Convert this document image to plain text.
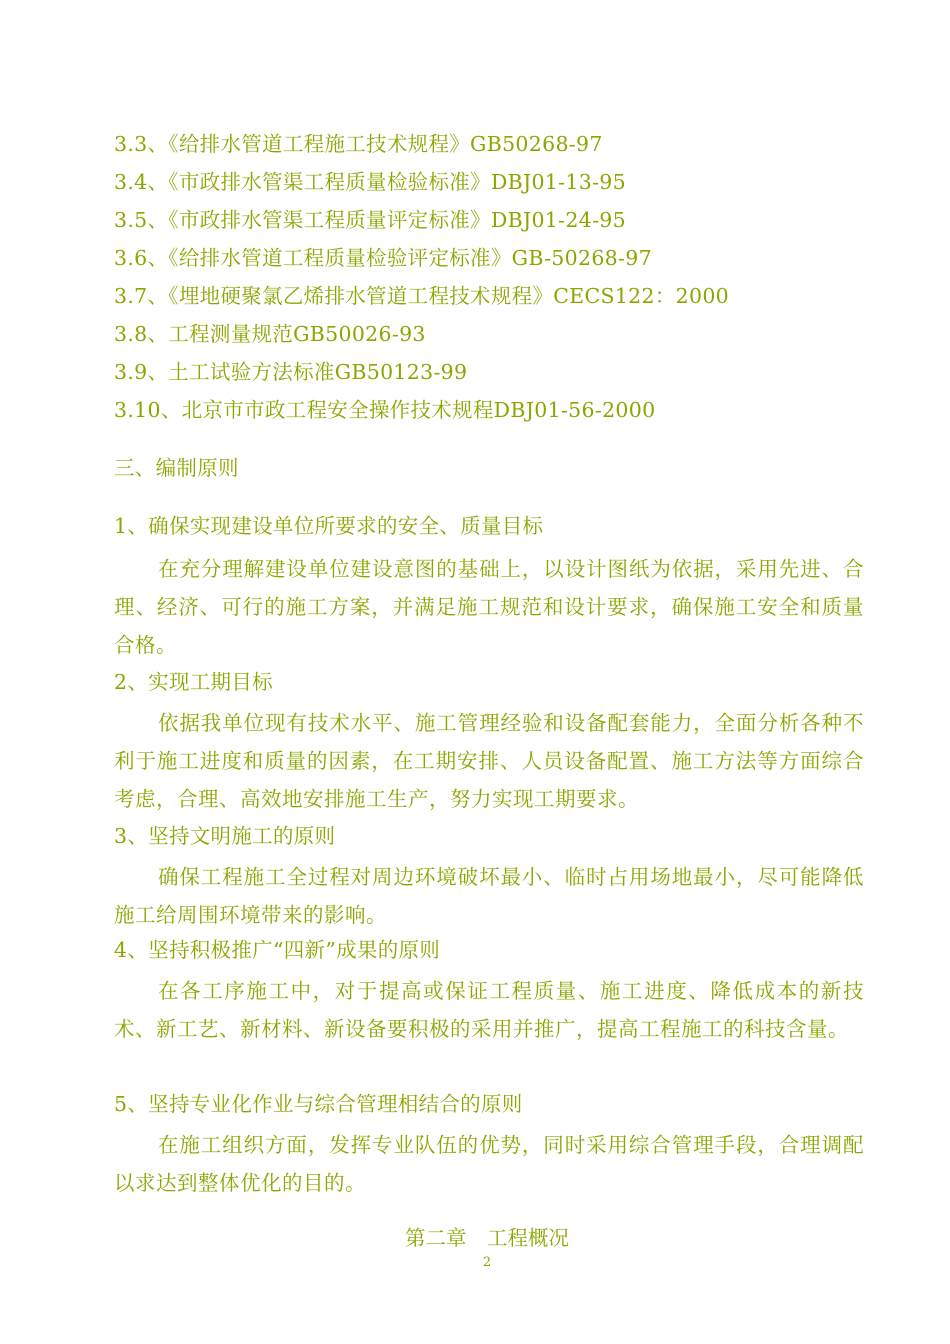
3.3、《给排水管道工程施工技术规程》GB50268-97
3.4、《市政排水管渠工程质量检验标准》DBJ01-13-95
3.5、《市政排水管渠工程质量评定标准》DBJ01-24-95
3.6、《给排水管道工程质量检验评定标准》GB-50268-97
3.7、《埋地硬聚氯乙烯排水管道工程技术规程》CECS122：2000
3.8、工程测量规范GB50026-93
3.9、土工试验方法标准GB50123-99
3.10、北京市市政工程安全操作技术规程DBJ01-56-2000
三、编制原则
1、确保实现建设单位所要求的安全、质量目标
在充分理解建设单位建设意图的基础上，以设计图纸为依据，采用先进、合理、经济、可行的施工方案，并满足施工规范和设计要求，确保施工安全和质量合格。
2、实现工期目标
依据我单位现有技术水平、施工管理经验和设备配套能力，全面分析各种不利于施工进度和质量的因素，在工期安排、人员设备配置、施工方法等方面综合考虑，合理、高效地安排施工生产，努力实现工期要求。
3、坚持文明施工的原则
确保工程施工全过程对周边环境破坏最小、临时占用场地最小，尽可能降低施工给周围环境带来的影响。
4、坚持积极推广“四新”成果的原则
在各工序施工中，对于提高或保证工程质量、施工进度、降低成本的新技术、新工艺、新材料、新设备要积极的采用并推广，提高工程施工的科技含量。
5、坚持专业化作业与综合管理相结合的原则
在施工组织方面，发挥专业队伍的优势，同时采用综合管理手段，合理调配以求达到整体优化的目的。
第二章　工程概况
2
